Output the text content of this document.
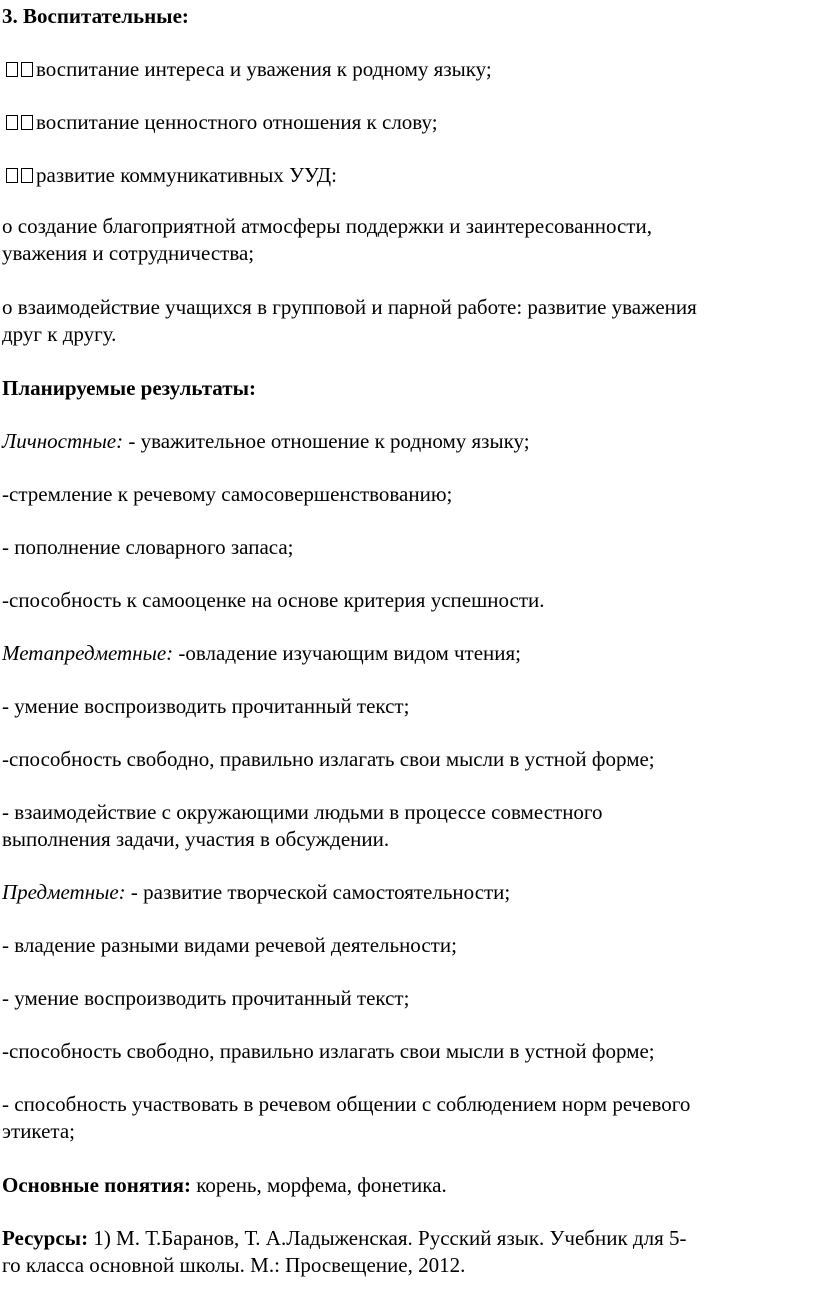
3. Воспитательные:
воспитание интереса и уважения к родному языку;
воспитание ценностного отношения к слову;
развитие коммуникативных УУД:
о создание благоприятной атмосферы поддержки и заинтересованности,
уважения и сотрудничества;
о взаимодействие учащихся в групповой и парной работе: развитие уважения
друг к другу.
Планируемые результаты:
Личностные: - уважительное отношение к родному языку;
-стремление к речевому самосовершенствованию;
- пополнение словарного запаса;
-способность к самооценке на основе критерия успешности.
Метапредметные: -овладение изучающим видом чтения;
- умение воспроизводить прочитанный текст;
-способность свободно, правильно излагать свои мысли в устной форме;
- взаимодействие с окружающими людьми в процессе совместного
выполнения задачи, участия в обсуждении.
Предметные: - развитие творческой самостоятельности;
- владение разными видами речевой деятельности;
- умение воспроизводить прочитанный текст;
-способность свободно, правильно излагать свои мысли в устной форме;
- способность участвовать в речевом общении с соблюдением норм речевого
этикета;
Основные понятия: корень, морфема, фонетика.
Ресурсы: 1) М. Т.Баранов, Т. А.Ладыженская. Русский язык. Учебник для 5-
го класса основной школы. М.: Просвещение, 2012.
